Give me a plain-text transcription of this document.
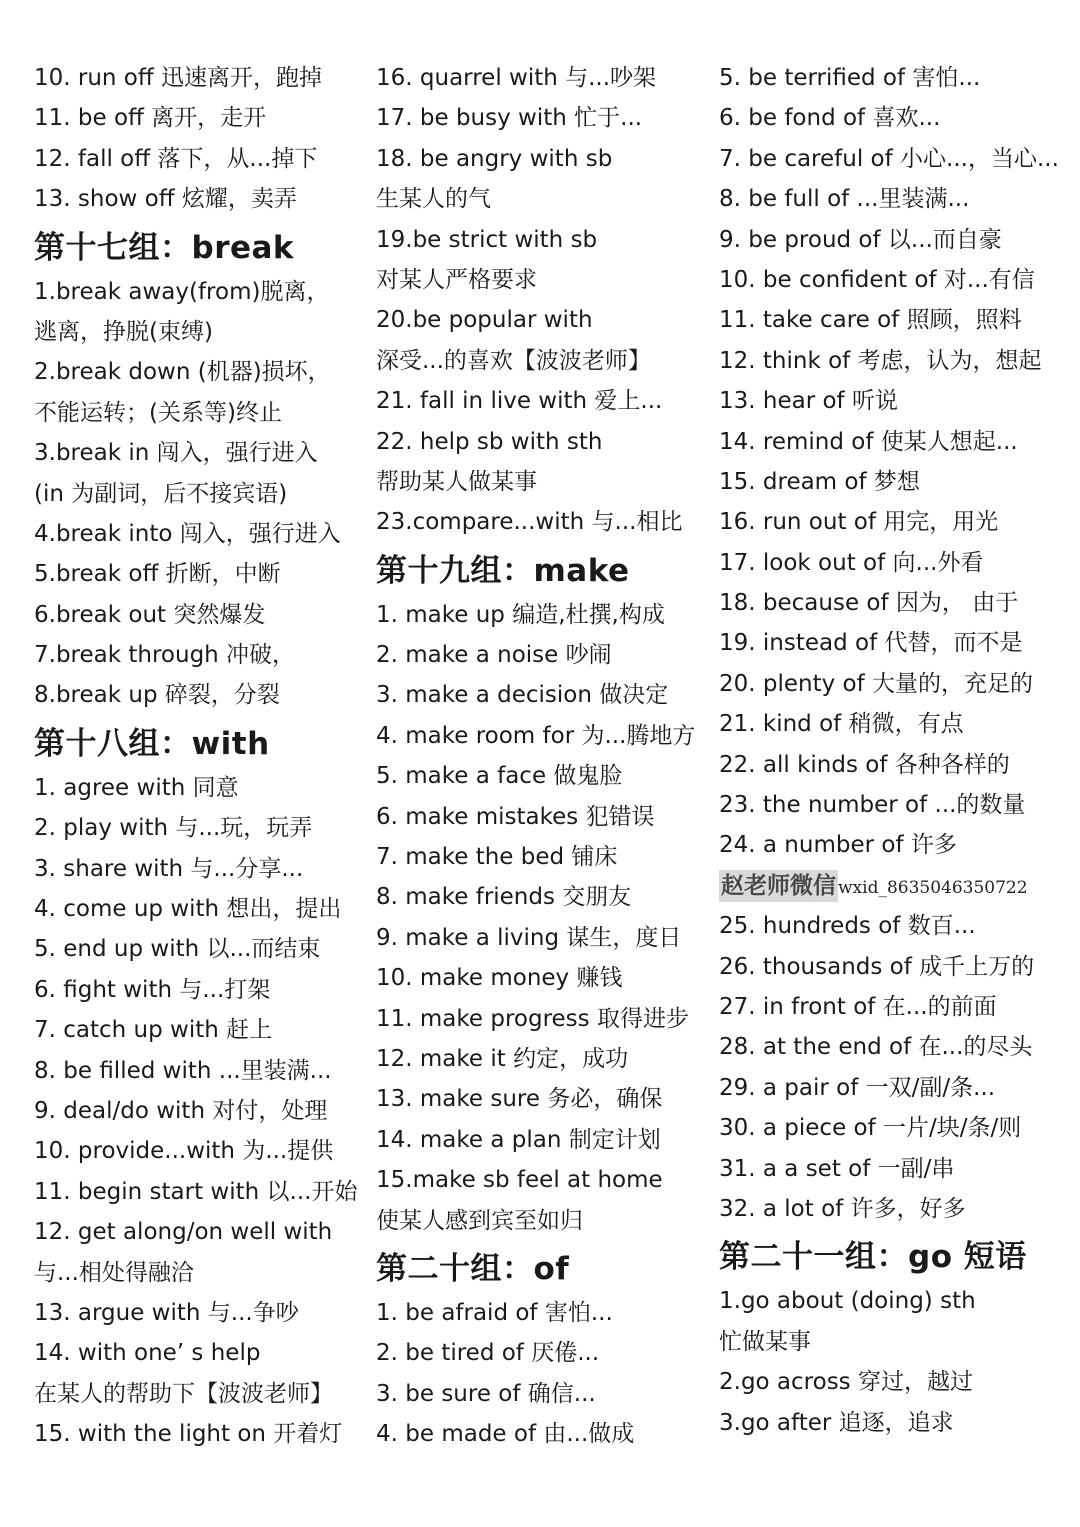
10. run off 迅速离开，跑掉
11. be off 离开，走开
12. fall off 落下，从...掉下
13. show off 炫耀，卖弄
第十七组：break
1.break away(from)脱离，
逃离，挣脱(束缚)
2.break down (机器)损坏，
不能运转；(关系等)终止
3.break in 闯入，强行进入
(in 为副词，后不接宾语)
4.break into 闯入，强行进入
5.break off 折断，中断
6.break out 突然爆发
7.break through 冲破，
8.break up 碎裂，分裂
第十八组：with
1. agree with 同意
2. play with 与...玩，玩弄
3. share with 与...分享...
4. come up with 想出，提出
5. end up with 以...而结束
6. fight with 与...打架
7. catch up with 赶上
8. be filled with ...里装满...
9. deal/do with 对付，处理
10. provide...with 为...提供
11. begin start with 以...开始
12. get along/on well with
与...相处得融洽
13. argue with 与...争吵
14. with one’ s help
在某人的帮助下【波波老师】
15. with the light on 开着灯
16. quarrel with 与...吵架
17. be busy with 忙于...
18. be angry with sb
生某人的气
19.be strict with sb
对某人严格要求
20.be popular with
深受...的喜欢【波波老师】
21. fall in live with 爱上...
22. help sb with sth
帮助某人做某事
23.compare...with 与...相比
第十九组：make
1. make up 编造,杜撰,构成
2. make a noise 吵闹
3. make a decision 做决定
4. make room for 为...腾地方
5. make a face 做鬼脸
6. make mistakes 犯错误
7. make the bed 铺床
8. make friends 交朋友
9. make a living 谋生，度日
10. make money 赚钱
11. make progress 取得进步
12. make it 约定，成功
13. make sure 务必，确保
14. make a plan 制定计划
15.make sb feel at home
使某人感到宾至如归
第二十组：of
1. be afraid of 害怕...
2. be tired of 厌倦...
3. be sure of 确信...
4. be made of 由...做成
5. be terrified of 害怕...
6. be fond of 喜欢...
7. be careful of 小心...，当心...
8. be full of ...里装满...
9. be proud of 以...而自豪
10. be confident of 对...有信
11. take care of 照顾，照料
12. think of 考虑，认为，想起
13. hear of 听说
14. remind of 使某人想起...
15. dream of 梦想
16. run out of 用完，用光
17. look out of 向...外看
18. because of 因为， 由于
19. instead of 代替，而不是
20. plenty of 大量的，充足的
21. kind of 稍微，有点
22. all kinds of 各种各样的
23. the number of ...的数量
24. a number of 许多
赵老师微信 wxid_8635046350722
25. hundreds of 数百...
26. thousands of 成千上万的
27. in front of 在...的前面
28. at the end of 在...的尽头
29. a pair of 一双/副/条...
30. a piece of 一片/块/条/则
31. a a set of 一副/串
32. a lot of 许多，好多
第二十一组：go 短语
1.go about (doing) sth
忙做某事
2.go across 穿过，越过
3.go after 追逐，追求
